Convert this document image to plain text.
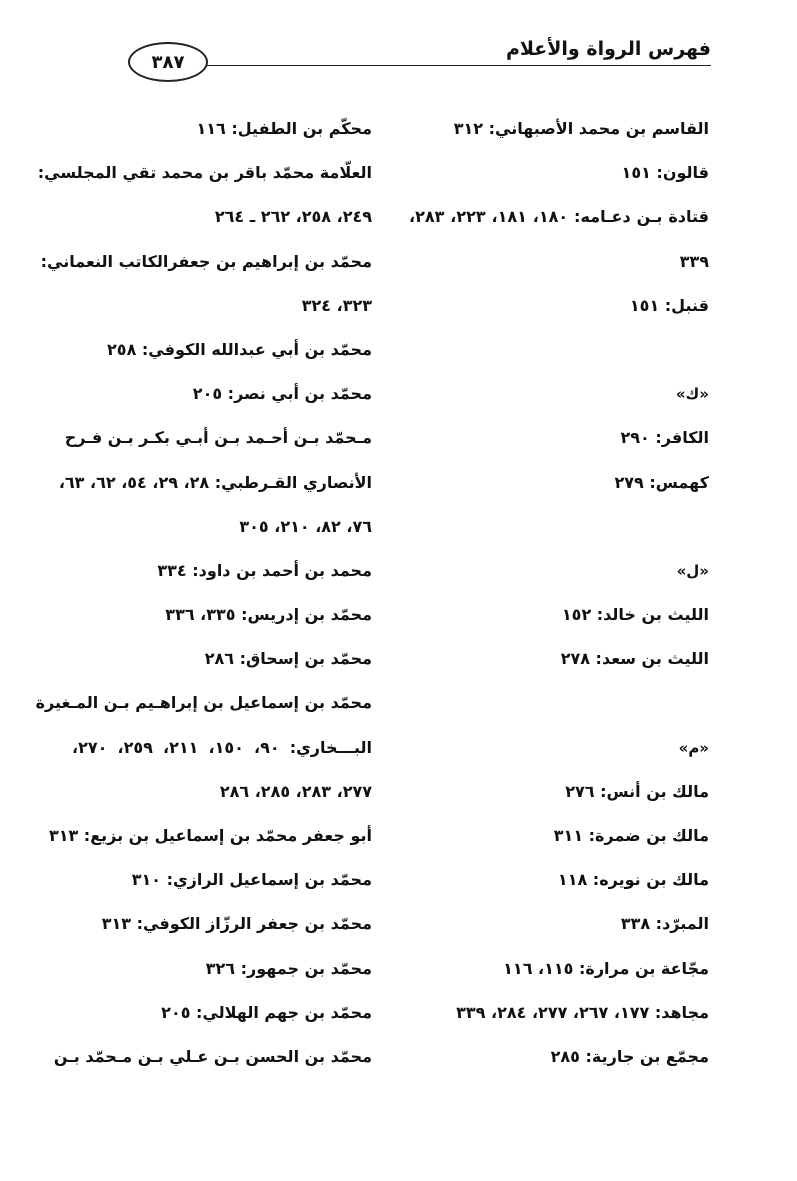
فهرس الرواة والأعلام
٣٨٧
القاسم بن محمد الأصبهاني: ٣١٢
قالون: ١٥١
قتادة بـن دعـامه: ١٨٠، ١٨١، ٢٢٣، ٢٨٣،
٣٣٩
قنبل: ١٥١
«ك»
الكافر: ٢٩٠
كهمس: ٢٧٩
«ل»
الليث بن خالد: ١٥٢
الليث بن سعد: ٢٧٨
«م»
مالك بن أنس: ٢٧٦
مالك بن ضمرة: ٣١١
مالك بن نويره: ١١٨
المبرّد: ٣٣٨
مجّاعة بن مرارة: ١١٥، ١١٦
مجاهد: ١٧٧، ٢٦٧، ٢٧٧، ٢٨٤، ٣٣٩
مجمّع بن جارية: ٢٨٥
محكّم بن الطفيل: ١١٦
العلّامة محمّد باقر بن محمد تقي المجلسي:
٢٤٩، ٢٥٨، ٢٦٢ ـ ٢٦٤
محمّد بن إبراهيم بن جعفرالكاتب النعماني:
٣٢٣، ٣٢٤
محمّد بن أبي عبدالله الكوفي: ٢٥٨
محمّد بن أبي نصر: ٢٠٥
مـحمّد بـن أحـمد بـن أبـي بكـر بـن فـرح
الأنصاري القـرطبي: ٢٨، ٢٩، ٥٤، ٦٢، ٦٣،
٧٦، ٨٢، ٢١٠، ٣٠٥
محمد بن أحمد بن داود: ٣٣٤
محمّد بن إدريس: ٣٣٥، ٣٣٦
محمّد بن إسحاق: ٢٨٦
محمّد بن إسماعيل بن إبراهـيم بـن المـغيرة
البـــخاري: ٩٠، ١٥٠، ٢١١، ٢٥٩، ٢٧٠،
٢٧٧، ٢٨٣، ٢٨٥، ٢٨٦
أبو جعفر محمّد بن إسماعيل بن بزيع: ٣١٣
محمّد بن إسماعيل الرازي: ٣١٠
محمّد بن جعفر الرزّاز الكوفي: ٣١٣
محمّد بن جمهور: ٣٢٦
محمّد بن جهم الهلالي: ٢٠٥
محمّد بن الحسن بـن عـلي بـن مـحمّد بـن
